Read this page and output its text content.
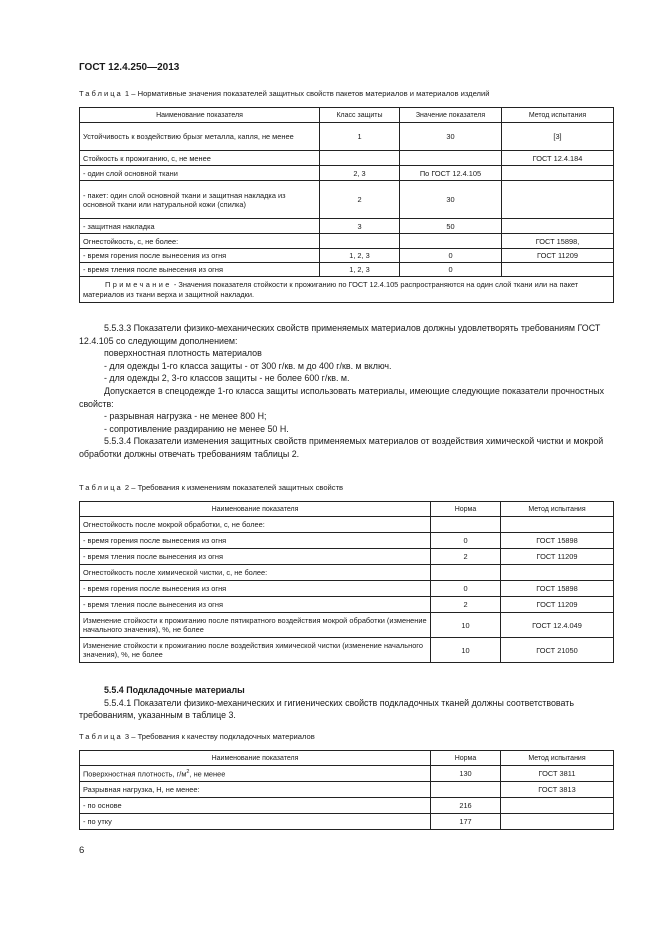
ГОСТ 12.4.250—2013
Таблица 1 – Нормативные значения показателей защитных свойств пакетов материалов и материалов изделий
Наименование показателя	Класс защиты	Значение показателя	Метод испытания
Устойчивость к воздействию брызг металла, капля, не менее	1	30	[3]
Стойкость к прожиганию, с, не менее			ГОСТ 12.4.184
- один слой основной ткани	2, 3	По ГОСТ 12.4.105	
- пакет: один слой основной ткани и защитная накладка из основной ткани или натуральной кожи (спилка)	2	30	
- защитная накладка	3	50	
Огнестойкость, с, не более:			ГОСТ 15898,
- время горения после вынесения из огня	1, 2, 3	0	ГОСТ 11209
- время тления после вынесения из огня	1, 2, 3	0	
Примечание - Значения показателя стойкости к прожиганию по ГОСТ 12.4.105 распространяются на один слой ткани или на пакет материалов из ткани верха и защитной накладки.			

5.5.3.3 Показатели физико-механических свойств применяемых материалов должны удовлетворять требованиям ГОСТ 12.4.105 со следующим дополнением:

поверхностная плотность материалов

- для одежды 1-го класса защиты - от 300 г/кв. м до 400 г/кв. м включ.

- для одежды 2, 3-го классов защиты - не более 600 г/кв. м.

Допускается в спецодежде 1-го класса защиты использовать материалы, имеющие следующие показатели прочностных свойств:

- разрывная нагрузка - не менее 800 Н;

- сопротивление раздиранию не менее 50 Н.

5.5.3.4 Показатели изменения защитных свойств применяемых материалов от воздействия химической чистки и мокрой обработки должны отвечать требованиям таблицы 2.

Таблица 2 – Требования к изменениям показателей защитных свойств
Наименование показателя	Норма	Метод испытания
Огнестойкость после мокрой обработки, с, не более:		
- время горения после вынесения из огня	0	ГОСТ 15898
- время тления после вынесения из огня	2	ГОСТ 11209
Огнестойкость после химической чистки, с, не более:		
- время горения после вынесения из огня	0	ГОСТ 15898
- время тления после вынесения из огня	2	ГОСТ 11209
Изменение стойкости к прожиганию после пятикратного воздействия мокрой обработки (изменение начального значения), %, не более	10	ГОСТ 12.4.049
Изменение стойкости к прожиганию после воздействия химической чистки (изменение начального значения), %, не более	10	ГОСТ 21050

5.5.4 Подкладочные материалы

5.5.4.1 Показатели физико-механических и гигиенических свойств подкладочных тканей должны соответствовать требованиям, указанным в таблице 3.

Таблица 3 – Требования к качеству подкладочных материалов
Наименование показателя	Норма	Метод испытания
Поверхностная плотность, $г/м^2$, не менее	130	ГОСТ 3811
Разрывная нагрузка, Н, не менее:		ГОСТ 3813
- по основе	216	
- по утку	177	
6
